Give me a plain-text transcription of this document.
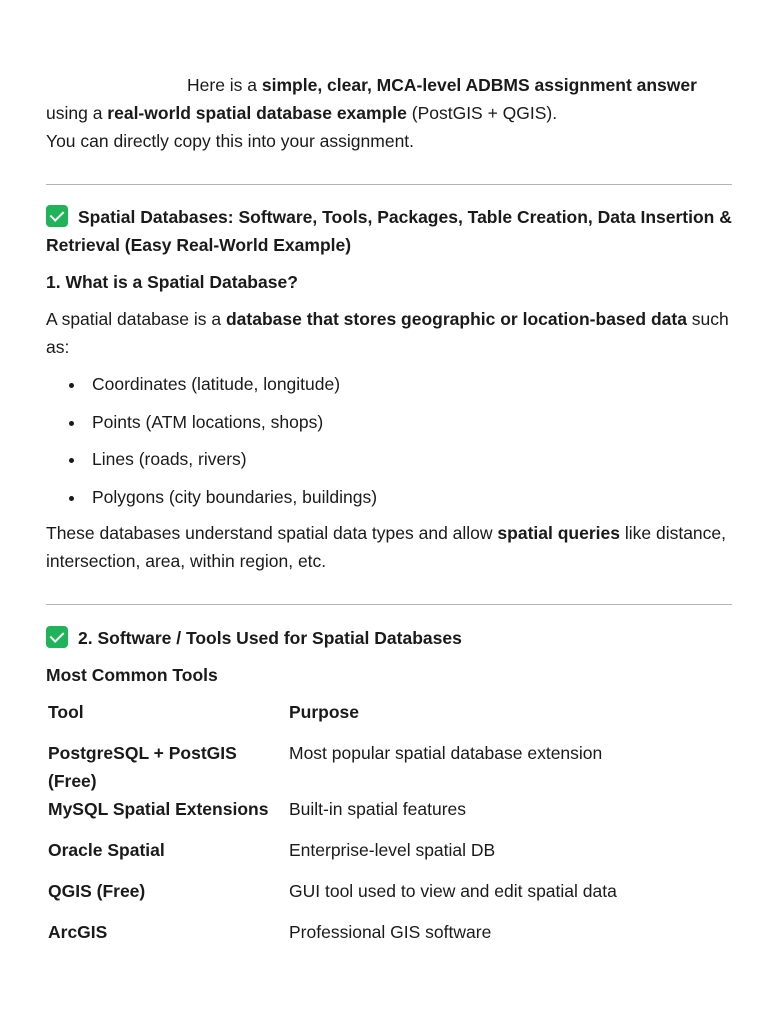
Here is a simple, clear, MCA-level ADBMS assignment answer
using a real-world spatial database example (PostGIS + QGIS).
You can directly copy this into your assignment.
Spatial Databases: Software, Tools, Packages, Table Creation, Data Insertion & Retrieval (Easy Real-World Example)
1. What is a Spatial Database?
A spatial database is a database that stores geographic or location-based data such as:
Coordinates (latitude, longitude)
Points (ATM locations, shops)
Lines (roads, rivers)
Polygons (city boundaries, buildings)
These databases understand spatial data types and allow spatial queries like distance, intersection, area, within region, etc.
2. Software / Tools Used for Spatial Databases
Most Common Tools
Tool	Purpose
PostgreSQL + PostGIS (Free)	Most popular spatial database extension
MySQL Spatial Extensions	Built-in spatial features
Oracle Spatial	Enterprise-level spatial DB
QGIS (Free)	GUI tool used to view and edit spatial data
ArcGIS	Professional GIS software
